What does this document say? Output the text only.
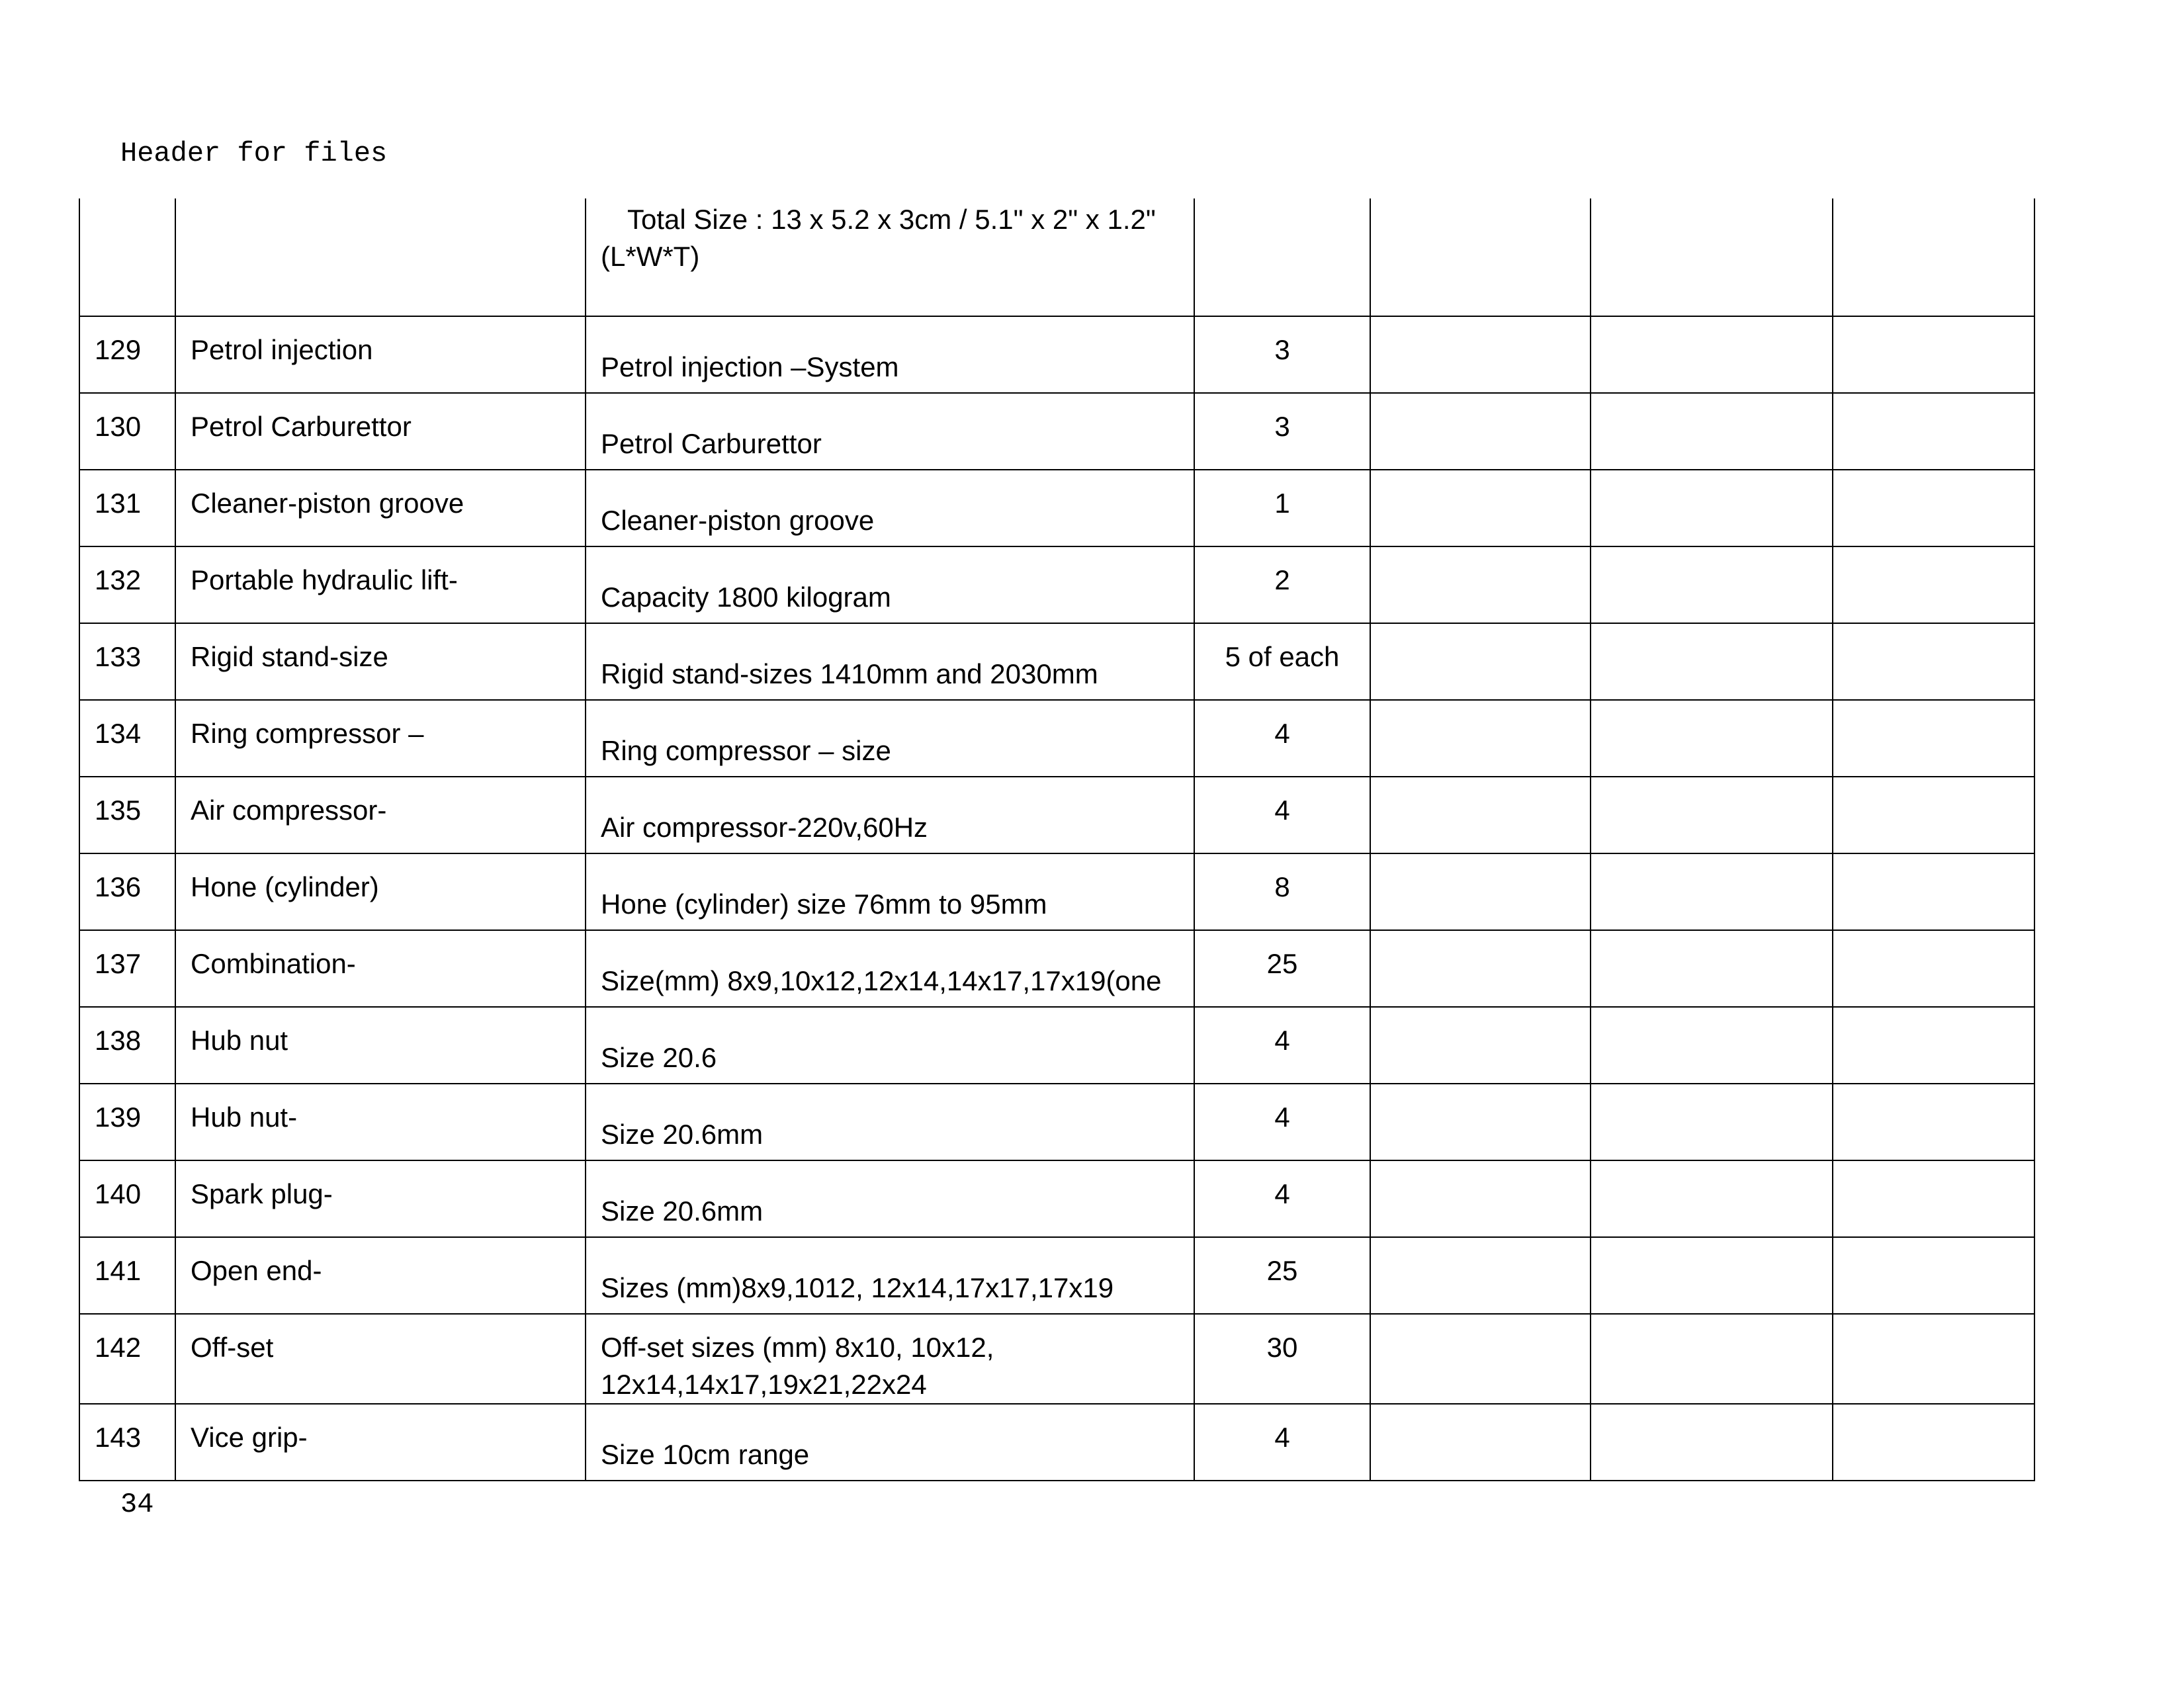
Header for files
		Total Size : 13 x 5.2 x 3cm / 5.1" x 2" x 1.2" (L*W*T)				
129	Petrol injection	Petrol injection –System	3			
130	Petrol Carburettor	Petrol Carburettor	3			
131	Cleaner-piston groove	Cleaner-piston groove	1			
132	Portable hydraulic lift-	Capacity 1800 kilogram	2			
133	Rigid stand-size	Rigid stand-sizes 1410mm and 2030mm	5 of each			
134	Ring compressor –	Ring compressor – size	4			
135	Air compressor-	Air compressor-220v,60Hz	4			
136	Hone (cylinder)	Hone (cylinder) size 76mm to 95mm	8			
137	Combination-	Size(mm) 8x9,10x12,12x14,14x17,17x19(one	25			
138	Hub nut	Size 20.6	4			
139	Hub nut-	Size 20.6mm	4			
140	Spark plug-	Size 20.6mm	4			
141	Open end-	Sizes (mm)8x9,1012, 12x14,17x17,17x19	25			
142	Off-set	Off-set sizes (mm) 8x10, 10x12, 12x14,14x17,19x21,22x24	30			
143	Vice grip-	Size 10cm range	4			
34
